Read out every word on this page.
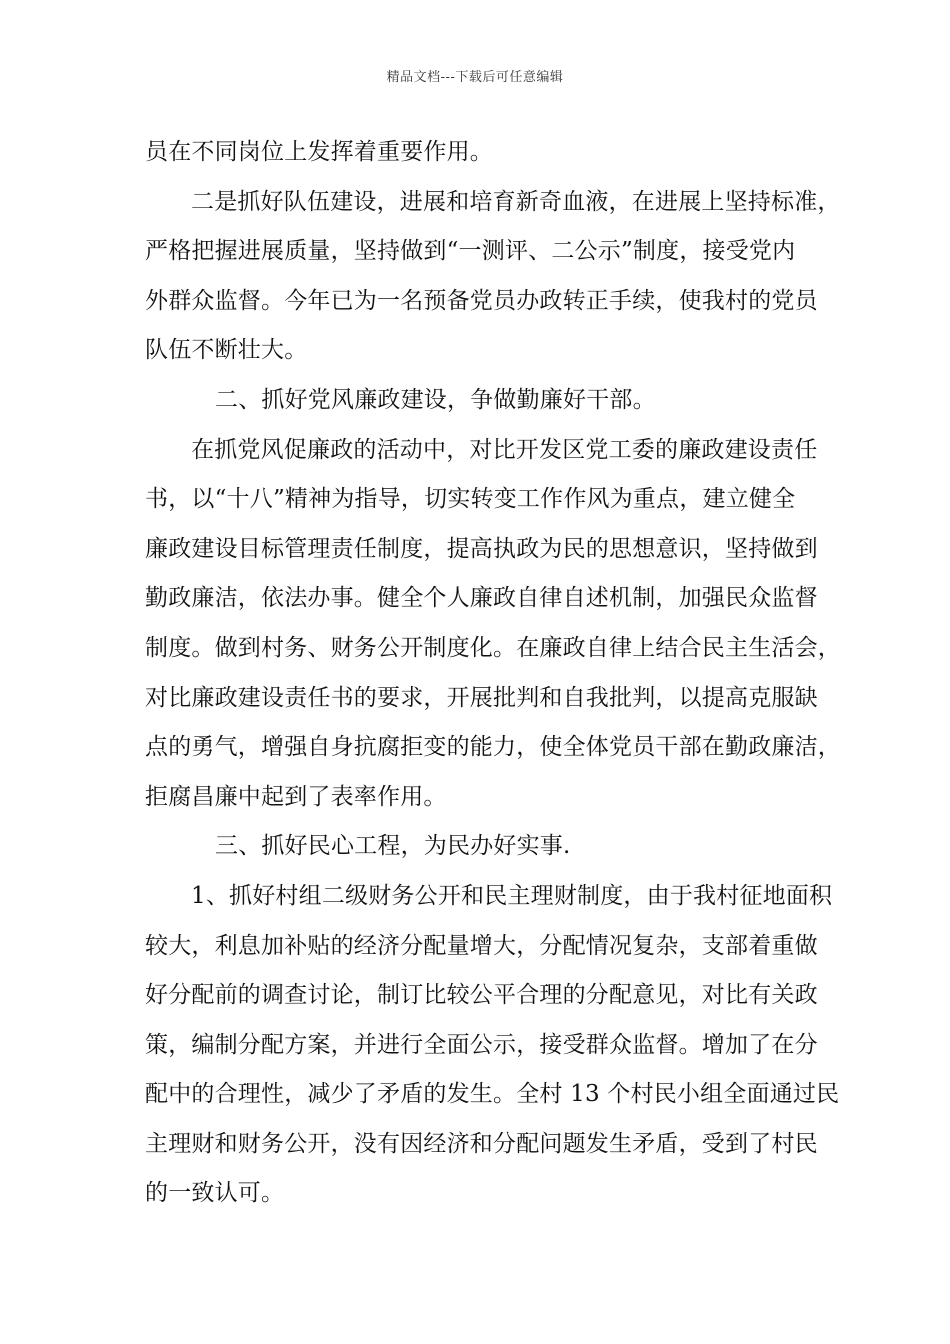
精品文档---下载后可任意编辑
员在不同岗位上发挥着重要作用。
二是抓好队伍建设，进展和培育新奇血液，在进展上坚持标准，
严格把握进展质量，坚持做到“一测评、二公示”制度，接受党内
外群众监督。今年已为一名预备党员办政转正手续，使我村的党员
队伍不断壮大。
二、抓好党风廉政建设，争做勤廉好干部。
在抓党风促廉政的活动中，对比开发区党工委的廉政建设责任
书，以“十八”精神为指导，切实转变工作作风为重点，建立健全
廉政建设目标管理责任制度，提高执政为民的思想意识，坚持做到
勤政廉洁，依法办事。健全个人廉政自律自述机制，加强民众监督
制度。做到村务、财务公开制度化。在廉政自律上结合民主生活会，
对比廉政建设责任书的要求，开展批判和自我批判，以提高克服缺
点的勇气，增强自身抗腐拒变的能力，使全体党员干部在勤政廉洁，
拒腐昌廉中起到了表率作用。
三、抓好民心工程，为民办好实事.
1、抓好村组二级财务公开和民主理财制度，由于我村征地面积
较大，利息加补贴的经济分配量增大，分配情况复杂，支部着重做
好分配前的调查讨论，制订比较公平合理的分配意见，对比有关政
策，编制分配方案，并进行全面公示，接受群众监督。增加了在分
配中的合理性，减少了矛盾的发生。全村 13 个村民小组全面通过民
主理财和财务公开，没有因经济和分配问题发生矛盾，受到了村民
的一致认可。
